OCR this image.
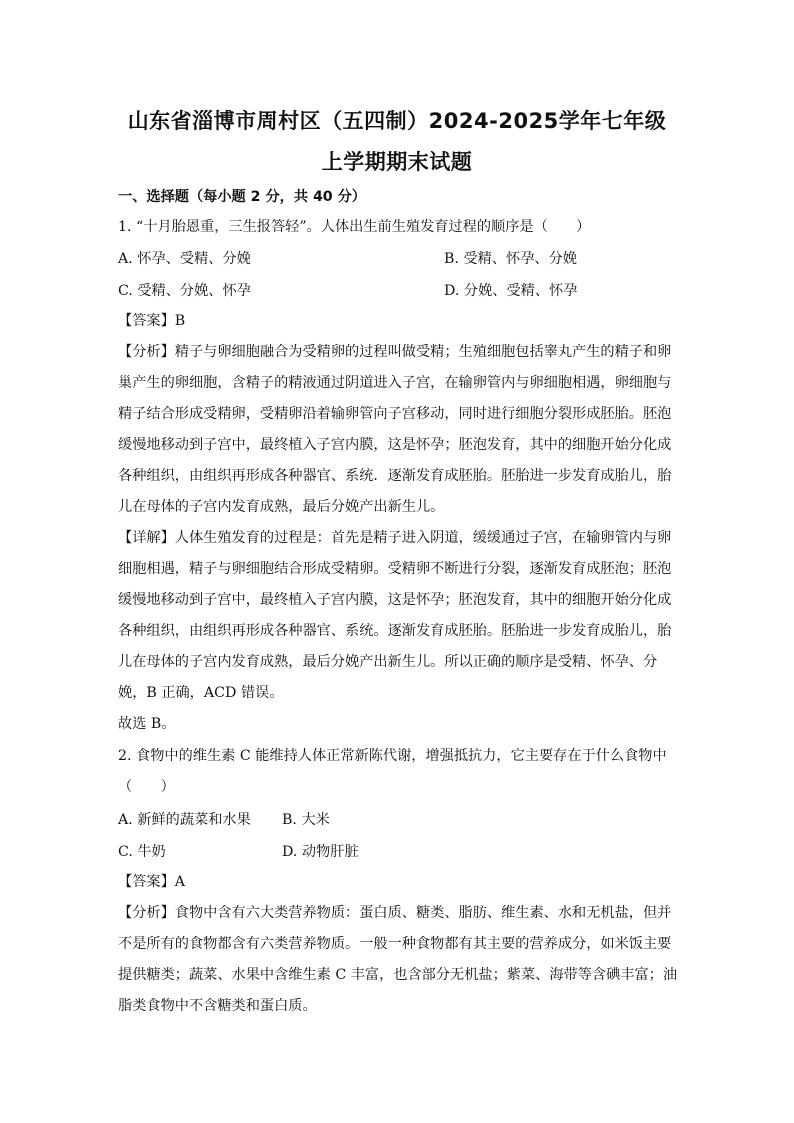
山东省淄博市周村区（五四制）2024-2025学年七年级
上学期期末试题
一、选择题（每小题 2 分，共 40 分）
1. “十月胎恩重，三生报答轻”。人体出生前生殖发育过程的顺序是（　　）
A. 怀孕、受精、分娩	B. 受精、怀孕、分娩
C. 受精、分娩、怀孕	D. 分娩、受精、怀孕
【答案】B
【分析】精子与卵细胞融合为受精卵的过程叫做受精；生殖细胞包括睾丸产生的精子和卵
巢产生的卵细胞，含精子的精液通过阴道进入子宫，在输卵管内与卵细胞相遇，卵细胞与
精子结合形成受精卵，受精卵沿着输卵管向子宫移动，同时进行细胞分裂形成胚胎。胚泡
缓慢地移动到子宫中，最终植入子宫内膜，这是怀孕；胚泡发育，其中的细胞开始分化成
各种组织，由组织再形成各种器官、系统．逐渐发育成胚胎。胚胎进一步发育成胎儿，胎
儿在母体的子宫内发育成熟，最后分娩产出新生儿。
【详解】人体生殖发育的过程是：首先是精子进入阴道，缓缓通过子宫，在输卵管内与卵
细胞相遇，精子与卵细胞结合形成受精卵。受精卵不断进行分裂，逐渐发育成胚泡；胚泡
缓慢地移动到子宫中，最终植入子宫内膜，这是怀孕；胚泡发育，其中的细胞开始分化成
各种组织，由组织再形成各种器官、系统。逐渐发育成胚胎。胚胎进一步发育成胎儿，胎
儿在母体的子宫内发育成熟，最后分娩产出新生儿。所以正确的顺序是受精、怀孕、分
娩，B 正确，ACD 错误。
故选 B。
2. 食物中的维生素 C 能维持人体正常新陈代谢，增强抵抗力，它主要存在于什么食物中
（　　）
A. 新鲜的蔬菜和水果 B. 大米
C. 牛奶	D. 动物肝脏
【答案】A
【分析】食物中含有六大类营养物质：蛋白质、糖类、脂肪、维生素、水和无机盐，但并
不是所有的食物都含有六类营养物质。一般一种食物都有其主要的营养成分，如米饭主要
提供糖类；蔬菜、水果中含维生素 C 丰富，也含部分无机盐；紫菜、海带等含碘丰富；油
脂类食物中不含糖类和蛋白质。
